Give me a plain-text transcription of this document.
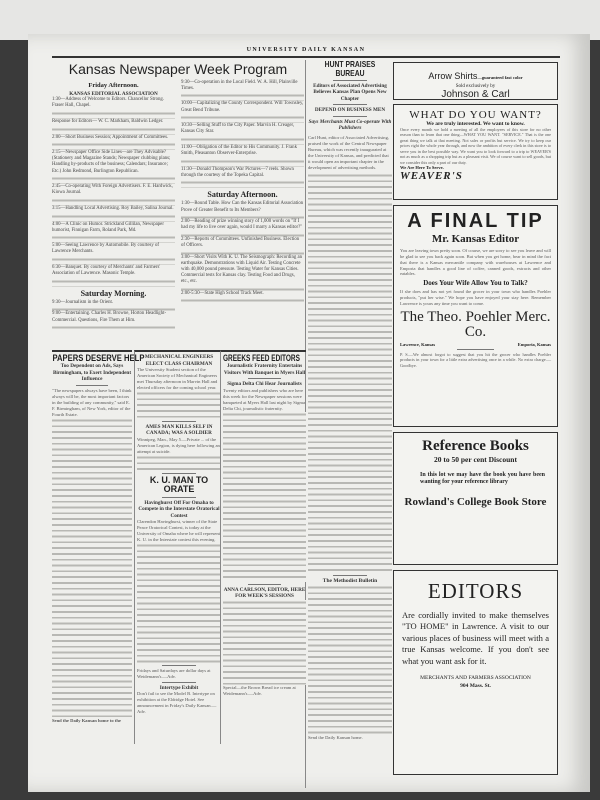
UNIVERSITY DAILY KANSAN
Kansas Newspaper Week Program
Friday Afternoon.
KANSAS EDITORIAL ASSOCIATION
1:30—Address of Welcome to Editors. Chancellor Strong. Fraser Hall, Chapel.
Response for Editors— W. C. Markham, Baldwin Ledger.
2:00—Short Business Session; Appointment of Committees.
2:15—Newspaper Office Side Lines—are They Advisable? (Stationery and Magazine Stands; Newspaper clubbing plans; Handling by-products of the business; Calendars; Insurance; Etc.) John Redmond, Burlington Republican.
2:45—Co-operating With Foreign Advertisers. F. E. Hardwick, Kiowa Journal.
3:15—Handling Local Advertising. Roy Bailey, Salina Journal.
4:00—A Clinic on Humor. Strickland Gillilan, Newspaper humorist, Finnigan Farm, Roland Park, Md.
5:00—Seeing Lawrence by Automobile. By courtesy of Lawrence Merchants.
6:30—Banquet. By courtesy of Merchants' and Farmers' Association of Lawrence. Masonic Temple.
Saturday Morning.
9:30—Journalism in the Orient.
9:00—Entertaining. Charles H. Browne, Horton Headlight-Commercial. Questions, Fire Them at Him.
9:30—Co-operation in the Local Field. W. A. Hill, Plainville Times.
10:00—Capitalizing the County Correspondent. Will Townsley, Great Bend Tribune.
10:30—Selling Stuff to the City Paper. Marvin H. Creager, Kansas City Star.
11:00—Obligation of the Editor to His Community. J. Frank Smith, Pleasanton Observer-Enterprise.
11:30—Donald Thompson's War Pictures—7 reels. Shown through the courtesy of the Topeka Capital.
Saturday Afternoon.
1:30—Round Table. How Can the Kansas Editorial Association Prove of Greater Benefit to Its Members?
2:00—Reading of prize winning story of 1,000 words on "If I had my life to live over again, would I marry a Kansas editor?"
2:30—Reports of Committees. Unfinished Business. Election of Officers.
3:00—Short Visits With K. U. The Seismograph: Recording an earthquake. Demonstrations with Liquid Air. Testing Concrete with 40,000 pound pressure. Testing Water for Kansas Cities. Commercial tests for Kansas clay. Testing Food and Drugs, etc., etc.
2:00-5:30—State High School Track Meet.
HUNT PRAISES BUREAU
Editors of Associated Advertising Believes Kansas Plan Opens New Chapter
DEPEND ON BUSINESS MEN
Says Merchants Must Co-operate With Publishers
Carl Hunt, editor of Associated Advertising, praised the work of the Central Newspaper Bureau, which was recently inaugurated at the University of Kansas, and predicted that it would open an important chapter in the development of advertising methods.
The Methodist Bulletin
Send the Daily Kansan home.
PAPERS DESERVE HELP
Too Dependent on Ads, Says Birmingham, to Exert Independent Influence
"The newspapers always have been, I think always will be, the most important factors in the building of any community," said E. F. Birmingham, of New York, editor of the Fourth Estate.
Send the Daily Kansan home to the
MECHANICAL ENGINEERS ELECT CLASS CHAIRMAN
The University Student section of the American Society of Mechanical Engineers met Thursday afternoon in Marvin Hall and elected officers for the coming school year.
AMES MAN KILLS SELF IN CANADA; WAS A SOLDIER
Winnipeg, Man., May 5.—Private ... of the American Legion, is dying here following an attempt at suicide.
K. U. MAN TO ORATE
Havinghurst Off For Omaha to Compete in the Interstate Oratorical Contest
Clarendon Havinghurst, winner of the State Peace Oratorical Contest, is today at the University of Omaha where he will represent K. U. in the Interstate contest this evening.
Fridays and Saturdays are dollar days at Weidemann's.—Adv.
Intertype Exhibit
Don't fail to see the Model B. Intertype on exhibition at the Eldridge Hotel. See announcement in Friday's Daily Kansan.—Adv.
GREEKS FEED EDITORS
Journalistic Fraternity Entertains Visitors With Banquet in Myers Hall
Sigma Delta Chi Hear Journalists
Twenty editors and publishers who are here this week for the Newspaper sessions were banqueted at Myers Hall last night by Sigma Delta Chi, journalistic fraternity.
ANNA CARLSON, EDITOR, HERE FOR WEEK'S SESSIONS
Special—the Brown Bread ice cream at Weidemann's.—Adv.
Arrow Shirts—guaranteed fast color
Sold exclusively by
Johnson & Carl
WHAT DO YOU WANT?
We are truly interested. We want to know.
Once every month we hold a meeting of all the employees of this store for no other reason than to learn that one thing—WHAT YOU WANT. "SERVICE." That is the one great thing we talk at that meeting. Not sales or profits but service. We try to keep our prices right the whole year through, and now the ambition of every clerk in this store is to serve you in the best possible way. We want you to look forward to a trip to WEAVER'S not as much as a shopping trip but as a pleasant visit. We of course want to sell goods, but we consider this only a part of our duty.
We Are Here To Serve.
WEAVER'S
A FINAL TIP
Mr. Kansas Editor
You are leaving town pretty soon. Of course, we are sorry to see you leave and will be glad to see you back again soon. But when you get home, bear in mind the fact that there is a Kansas mercantile company with warehouses at Lawrence and Emporia that handles a good line of coffee, canned goods, extracts and other eatables.
Does Your Wife Allow You to Talk?
If she does and has not yet found the grocer in your town who handles Poehler products, "put her wise." We hope you have enjoyed your stay here. Remember Lawrence is yours any time you want to come.
The Theo. Poehler Merc. Co.
Lawrence, Kansas	Emporia, Kansas
P. S.—We almost forgot to suggest that you hit the grocer who handles Poehler products in your town for a little extra advertising once in a while. No extra charge.—Goodbye.
Reference Books
20 to 50 per cent Discount
In this lot we may have the book you have been wanting for your reference library
Rowland's College Book Store
EDITORS
Are cordially invited to make themselves "TO HOME" in Lawrence. A visit to our various places of business will meet with a true Kansas welcome. If you don't see what you want ask for it.
MERCHANTS AND FARMERS ASSOCIATION
904 Mass. St.
